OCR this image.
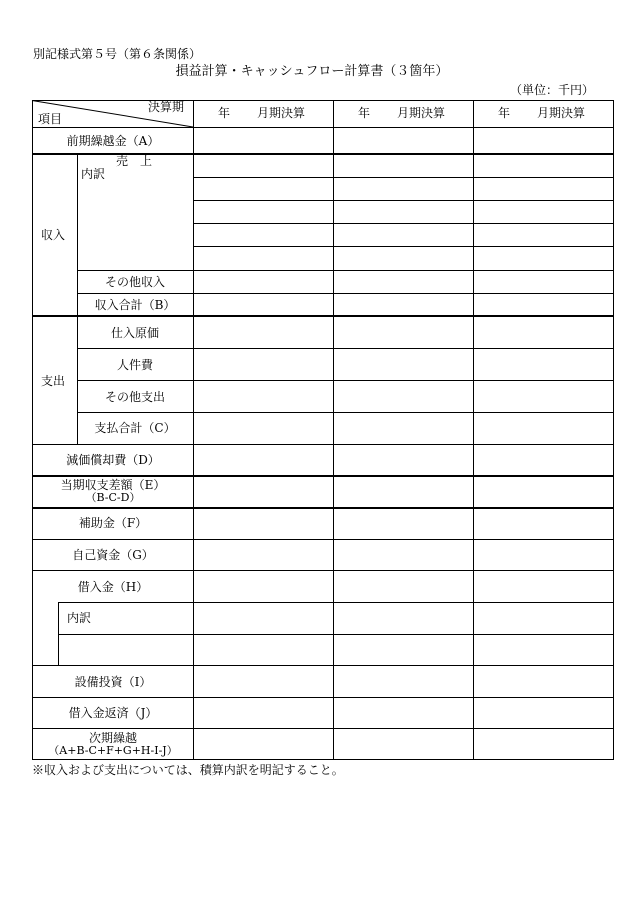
別記様式第５号（第６条関係）
損益計算・キャッシュフロー計算書（３箇年）
（単位：千円）
決算期
項目	年 月期決算	年 月期決算	年 月期決算
前期繰越金（A）
収入
売　上
内訳
その他収入
収入合計（B）
支出
仕入原価
人件費
その他支出
支払合計（C）
減価償却費（D）
当期収支差額（E）
（B-C-D）
補助金（F）
自己資金（G）
借入金（H）
内訳
設備投資（I）
借入金返済（J）
次期繰越
（A+B-C+F+G+H-I-J）
※収入および支出については、積算内訳を明記すること。
